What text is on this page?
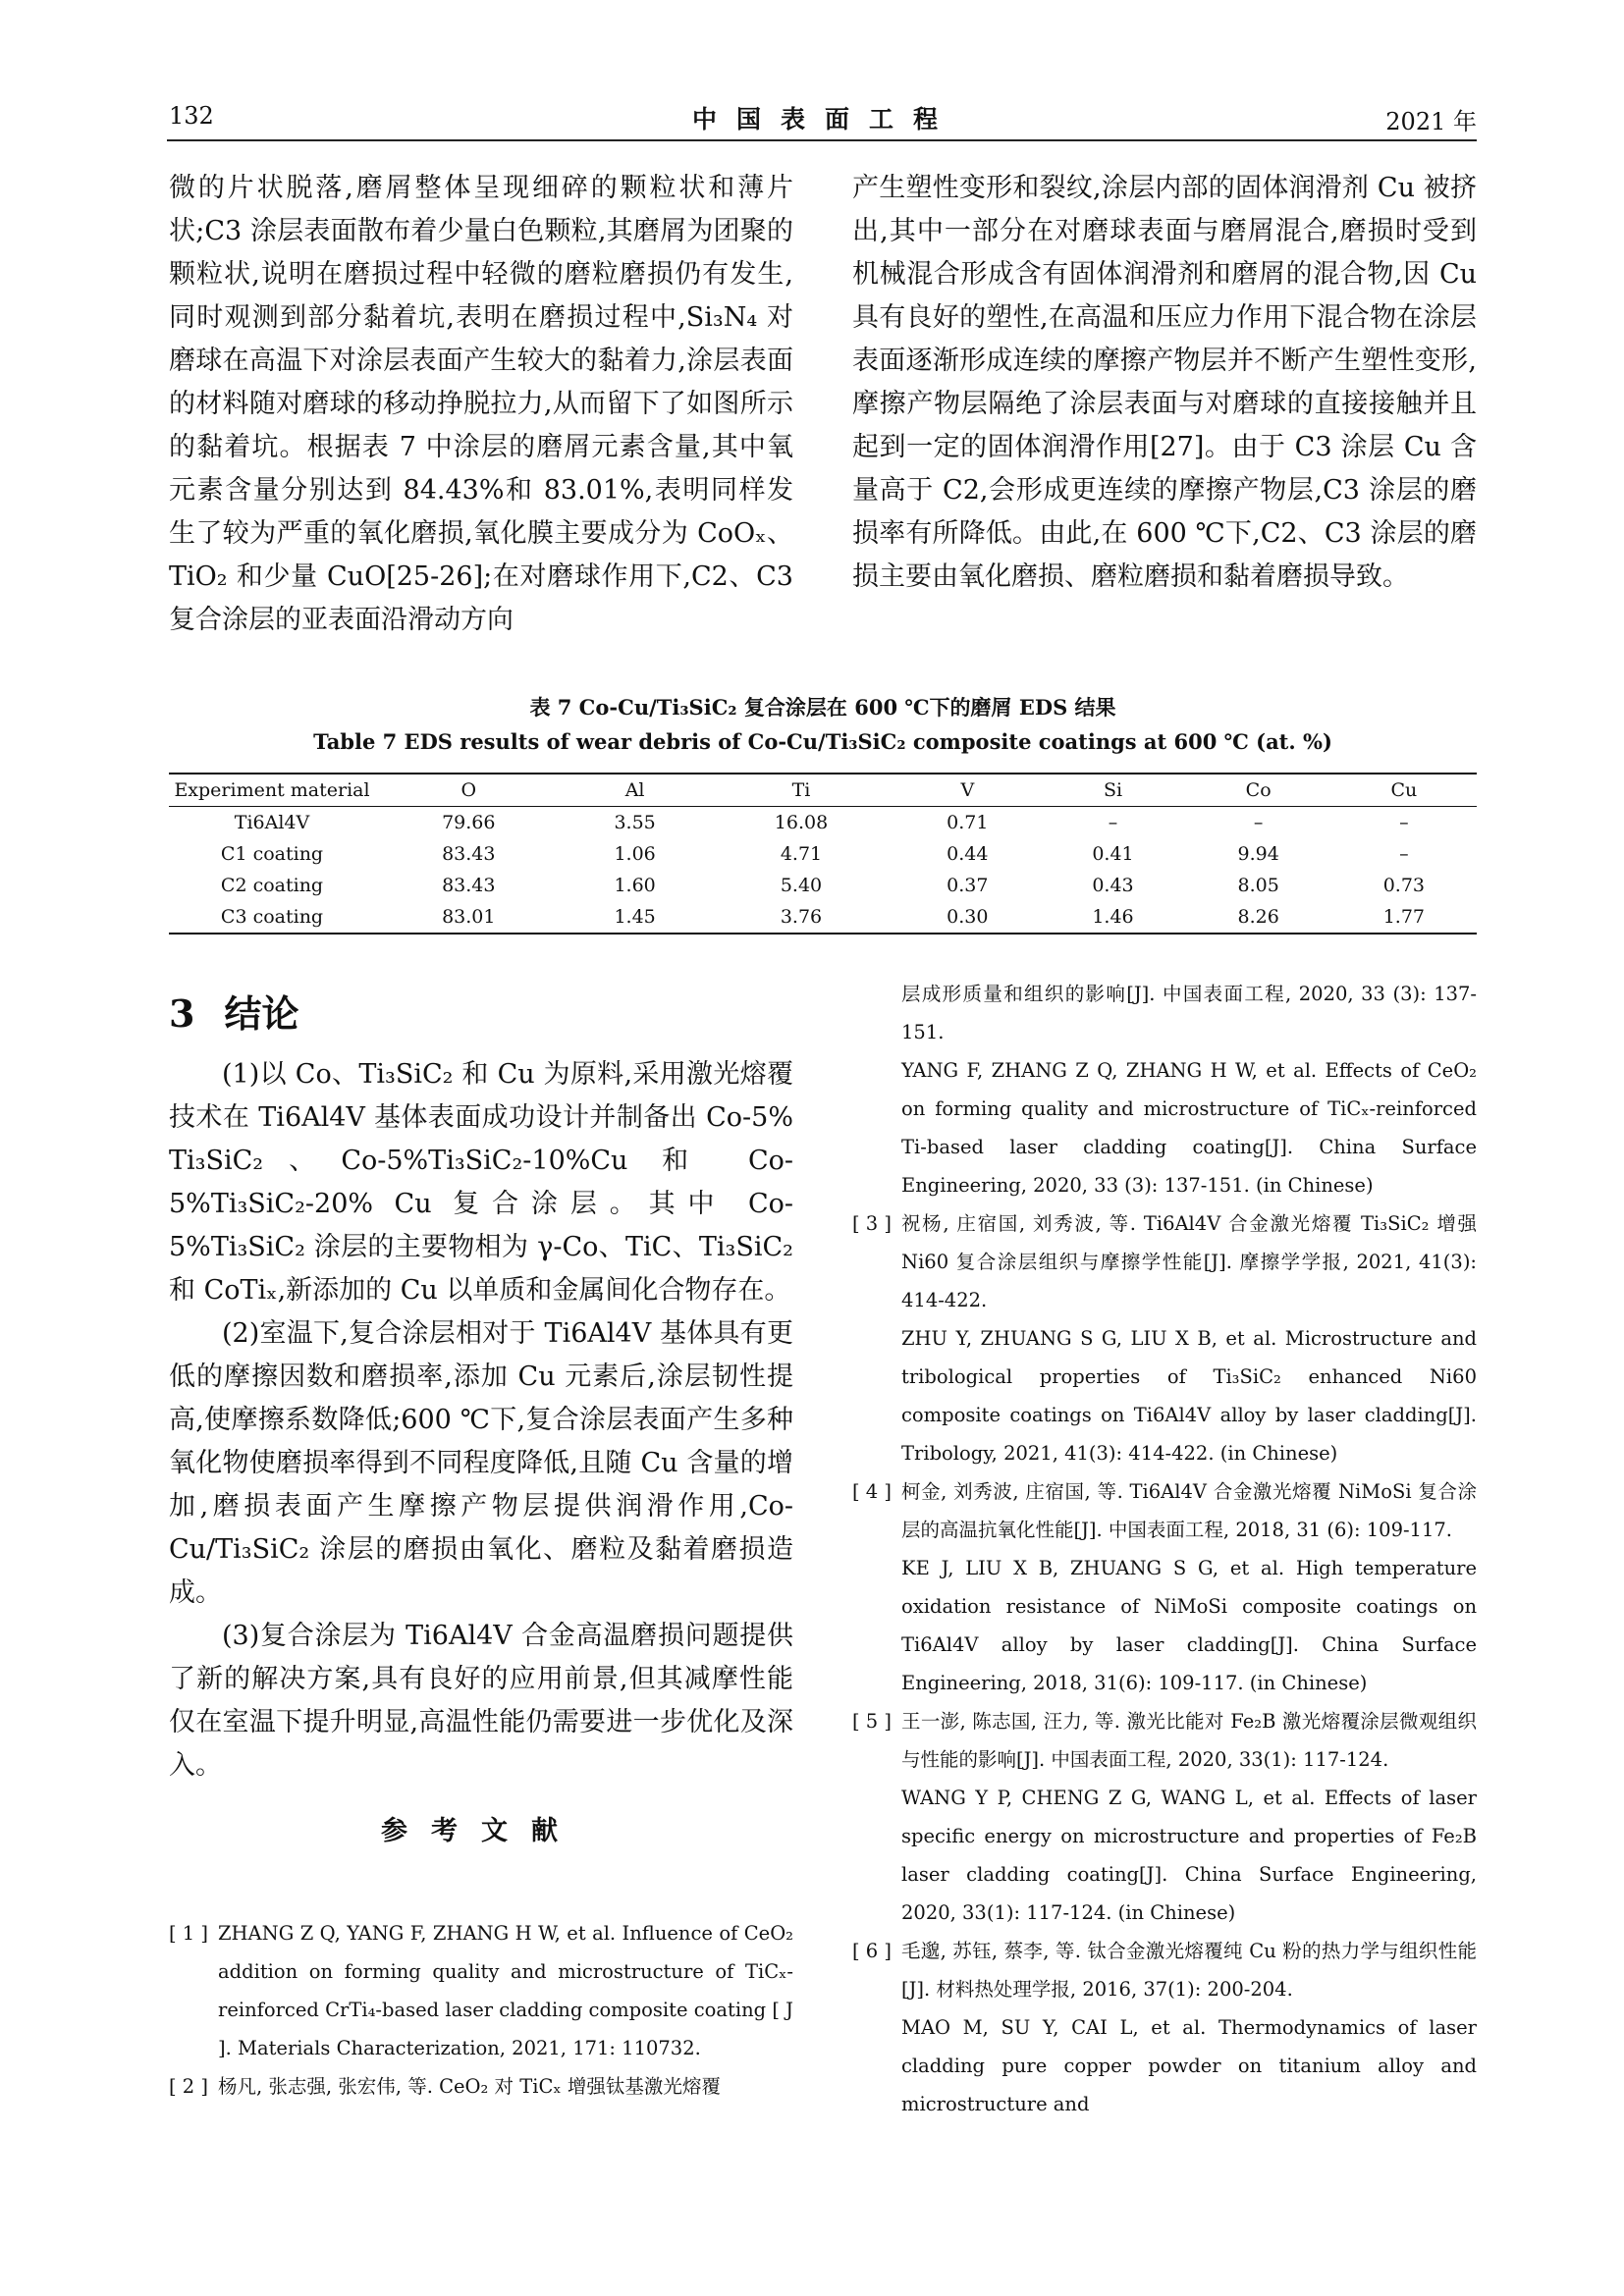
132	中国表面工程	2021 年
微的片状脱落,磨屑整体呈现细碎的颗粒状和薄片状;C3 涂层表面散布着少量白色颗粒,其磨屑为团聚的颗粒状,说明在磨损过程中轻微的磨粒磨损仍有发生,同时观测到部分黏着坑,表明在磨损过程中,Si₃N₄ 对磨球在高温下对涂层表面产生较大的黏着力,涂层表面的材料随对磨球的移动挣脱拉力,从而留下了如图所示的黏着坑。根据表 7 中涂层的磨屑元素含量,其中氧元素含量分别达到 84.43%和 83.01%,表明同样发生了较为严重的氧化磨损,氧化膜主要成分为 CoOₓ、TiO₂ 和少量 CuO[25-26];在对磨球作用下,C2、C3 复合涂层的亚表面沿滑动方向
产生塑性变形和裂纹,涂层内部的固体润滑剂 Cu 被挤出,其中一部分在对磨球表面与磨屑混合,磨损时受到机械混合形成含有固体润滑剂和磨屑的混合物,因 Cu 具有良好的塑性,在高温和压应力作用下混合物在涂层表面逐渐形成连续的摩擦产物层并不断产生塑性变形,摩擦产物层隔绝了涂层表面与对磨球的直接接触并且起到一定的固体润滑作用[27]。由于 C3 涂层 Cu 含量高于 C2,会形成更连续的摩擦产物层,C3 涂层的磨损率有所降低。由此,在 600 ℃下,C2、C3 涂层的磨损主要由氧化磨损、磨粒磨损和黏着磨损导致。
表 7 Co-Cu/Ti₃SiC₂ 复合涂层在 600 ℃下的磨屑 EDS 结果
Table 7 EDS results of wear debris of Co-Cu/Ti₃SiC₂ composite coatings at 600 ℃ (at. %)
Experiment material	O	Al	Ti	V	Si	Co	Cu
Ti6Al4V	79.66	3.55	16.08	0.71	–	–	–
C1 coating	83.43	1.06	4.71	0.44	0.41	9.94	–
C2 coating	83.43	1.60	5.40	0.37	0.43	8.05	0.73
C3 coating	83.01	1.45	3.76	0.30	1.46	8.26	1.77
3 结论

(1)以 Co、Ti₃SiC₂ 和 Cu 为原料,采用激光熔覆技术在 Ti6Al4V 基体表面成功设计并制备出 Co-5% Ti₃SiC₂、Co-5%Ti₃SiC₂-10%Cu 和 Co-5%Ti₃SiC₂-20% Cu 复合涂层。其中 Co-5%Ti₃SiC₂ 涂层的主要物相为 γ-Co、TiC、Ti₃SiC₂ 和 CoTiₓ,新添加的 Cu 以单质和金属间化合物存在。

(2)室温下,复合涂层相对于 Ti6Al4V 基体具有更低的摩擦因数和磨损率,添加 Cu 元素后,涂层韧性提高,使摩擦系数降低;600 ℃下,复合涂层表面产生多种氧化物使磨损率得到不同程度降低,且随 Cu 含量的增加,磨损表面产生摩擦产物层提供润滑作用,Co-Cu/Ti₃SiC₂ 涂层的磨损由氧化、磨粒及黏着磨损造成。

(3)复合涂层为 Ti6Al4V 合金高温磨损问题提供了新的解决方案,具有良好的应用前景,但其减摩性能仅在室温下提升明显,高温性能仍需要进一步优化及深入。

参考文献
[ 1 ] ZHANG Z Q, YANG F, ZHANG H W, et al. Influence of CeO₂ addition on forming quality and microstructure of TiCₓ-reinforced CrTi₄-based laser cladding composite coating [ J ]. Materials Characterization, 2021, 171: 110732.

[ 2 ] 杨凡, 张志强, 张宏伟, 等. CeO₂ 对 TiCₓ 增强钛基激光熔覆

层成形质量和组织的影响[J]. 中国表面工程, 2020, 33 (3): 137-151.

YANG F, ZHANG Z Q, ZHANG H W, et al. Effects of CeO₂ on forming quality and microstructure of TiCₓ-reinforced Ti-based laser cladding coating[J]. China Surface Engineering, 2020, 33 (3): 137-151. (in Chinese)

[ 3 ] 祝杨, 庄宿国, 刘秀波, 等. Ti6Al4V 合金激光熔覆 Ti₃SiC₂ 增强 Ni60 复合涂层组织与摩擦学性能[J]. 摩擦学学报, 2021, 41(3): 414-422.

ZHU Y, ZHUANG S G, LIU X B, et al. Microstructure and tribological properties of Ti₃SiC₂ enhanced Ni60 composite coatings on Ti6Al4V alloy by laser cladding[J]. Tribology, 2021, 41(3): 414-422. (in Chinese)

[ 4 ] 柯金, 刘秀波, 庄宿国, 等. Ti6Al4V 合金激光熔覆 NiMoSi 复合涂层的高温抗氧化性能[J]. 中国表面工程, 2018, 31 (6): 109-117.

KE J, LIU X B, ZHUANG S G, et al. High temperature oxidation resistance of NiMoSi composite coatings on Ti6Al4V alloy by laser cladding[J]. China Surface Engineering, 2018, 31(6): 109-117. (in Chinese)

[ 5 ] 王一澎, 陈志国, 汪力, 等. 激光比能对 Fe₂B 激光熔覆涂层微观组织与性能的影响[J]. 中国表面工程, 2020, 33(1): 117-124.

WANG Y P, CHENG Z G, WANG L, et al. Effects of laser specific energy on microstructure and properties of Fe₂B laser cladding coating[J]. China Surface Engineering, 2020, 33(1): 117-124. (in Chinese)

[ 6 ] 毛邈, 苏钰, 蔡李, 等. 钛合金激光熔覆纯 Cu 粉的热力学与组织性能[J]. 材料热处理学报, 2016, 37(1): 200-204.

MAO M, SU Y, CAI L, et al. Thermodynamics of laser cladding pure copper powder on titanium alloy and microstructure and
